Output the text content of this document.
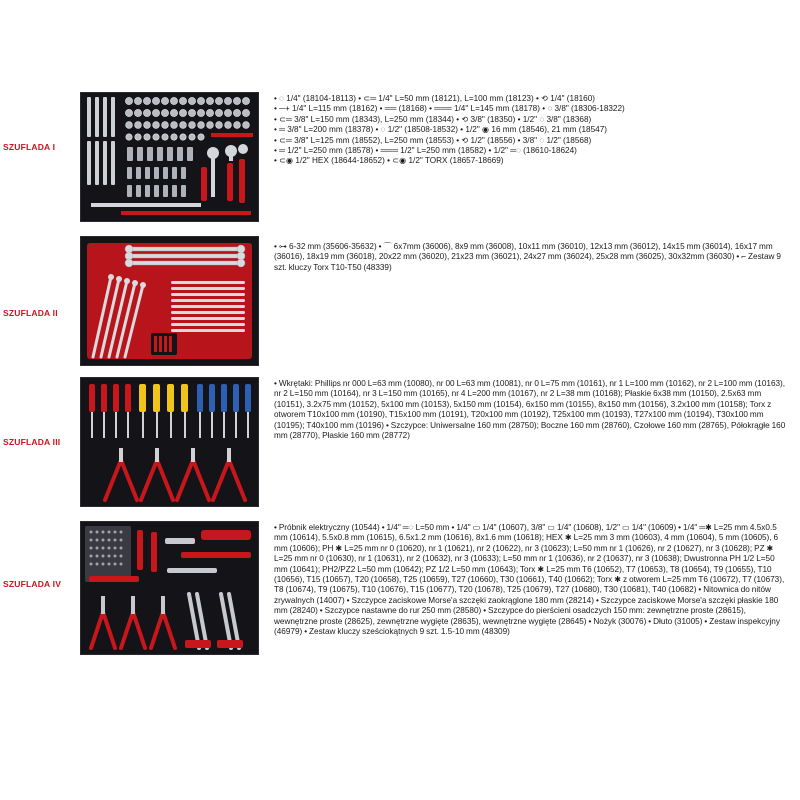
SZUFLADA I
• ◌ 1/4" (18104-18113) • ⊂═ 1/4" L=50 mm (18121), L=100 mm (18123) • ⟲ 1/4" (18160)
• ─+ 1/4" L=115 mm (18162) • ══ (18168) • ═══ 1/4" L=145 mm (18178) • ◌ 3/8" (18306-18322)
• ⊂═ 3/8" L=150 mm (18343), L=250 mm (18344) • ⟲ 3/8" (18350) • 1/2" ◌ 3/8" (18368)
• ═ 3/8" L=200 mm (18378) • ◌ 1/2" (18508-18532) • 1/2" ◉ 16 mm (18546), 21 mm (18547)
• ⊂═ 3/8" L=125 mm (18552), L=250 mm (18553) • ⟲ 1/2" (18556) • 3/8" ◌ 1/2" (18568)
• ═ 1/2" L=250 mm (18578) • ═══ 1/2" L=250 mm (18582) • 1/2" ═◌ (18610-18624)
• ⊂◉ 1/2" HEX (18644-18652) • ⊂◉ 1/2" TORX (18657-18669)
SZUFLADA II
• ⊶ 6-32 mm (35606-35632) • ⌒ 6x7mm (36006), 8x9 mm (36008), 10x11 mm (36010), 12x13 mm (36012), 14x15 mm (36014), 16x17 mm (36016), 18x19 mm (36018), 20x22 mm (36020), 21x23 mm (36021), 24x27 mm (36024), 25x28 mm (36025), 30x32mm (36030) • ⌐ Zestaw 9 szt. kluczy Torx T10-T50 (48339)
SZUFLADA III
• Wkrętaki: Phillips nr 000 L=63 mm (10080), nr 00 L=63 mm (10081), nr 0 L=75 mm (10161), nr 1 L=100 mm (10162), nr 2 L=100 mm (10163), nr 2 L=150 mm (10164), nr 3 L=150 mm (10165), nr 4 L=200 mm (10167), nr 2 L=38 mm (10168); Płaskie 6x38 mm (10150), 2.5x63 mm (10151), 3.2x75 mm (10152), 5x100 mm (10153), 5x150 mm (10154), 6x150 mm (10155), 8x150 mm (10156), 3.2x100 mm (10158); Torx z otworem T10x100 mm (10190), T15x100 mm (10191), T20x100 mm (10192), T25x100 mm (10193), T27x100 mm (10194), T30x100 mm (10195); T40x100 mm (10196) • Szczypce: Uniwersalne 160 mm (28750); Boczne 160 mm (28760), Czołowe 160 mm (28765), Półokrągłe 160 mm (28770), Płaskie 160 mm (28772)
SZUFLADA IV
• Próbnik elektryczny (10544) • 1/4" ═◌ L=50 mm • 1/4" ▭ 1/4" (10607), 3/8" ▭ 1/4" (10608), 1/2" ▭ 1/4" (10609) • 1/4" ═✱ L=25 mm 4.5x0.5 mm (10614), 5.5x0.8 mm (10615), 6.5x1.2 mm (10616), 8x1.6 mm (10618); HEX ✱ L=25 mm 3 mm (10603), 4 mm (10604), 5 mm (10605), 6 mm (10606); PH ✱ L=25 mm nr 0 (10620), nr 1 (10621), nr 2 (10622), nr 3 (10623); L=50 mm nr 1 (10626), nr 2 (10627), nr 3 (10628); PZ ✱ L=25 mm nr 0 (10630), nr 1 (10631), nr 2 (10632), nr 3 (10633); L=50 mm nr 1 (10636), nr 2 (10637), nr 3 (10638); Dwustronna PH 1/2 L=50 mm (10641); PH2/PZ2 L=50 mm (10642); PZ 1/2 L=50 mm (10643); Torx ✱ L=25 mm T6 (10652), T7 (10653), T8 (10654), T9 (10655), T10 (10656), T15 (10657), T20 (10658), T25 (10659), T27 (10660), T30 (10661), T40 (10662); Torx ✱ z otworem L=25 mm T6 (10672), T7 (10673), T8 (10674), T9 (10675), T10 (10676), T15 (10677), T20 (10678), T25 (10679), T27 (10680), T30 (10681), T40 (10682) • Nitownica do nitów zrywalnych (14007) • Szczypce zaciskowe Morse'a szczęki zaokrąglone 180 mm (28214) • Szczypce zaciskowe Morse'a szczęki płaskie 180 mm (28240) • Szczypce nastawne do rur 250 mm (28580) • Szczypce do pierścieni osadczych 150 mm: zewnętrzne proste (28615), wewnętrzne proste (28625), zewnętrzne wygięte (28635), wewnętrzne wygięte (28645) • Nożyk (30076) • Dłuto (31005) • Zestaw inspekcyjny (46979) • Zestaw kluczy sześciokątnych 9 szt. 1.5-10 mm (48309)
